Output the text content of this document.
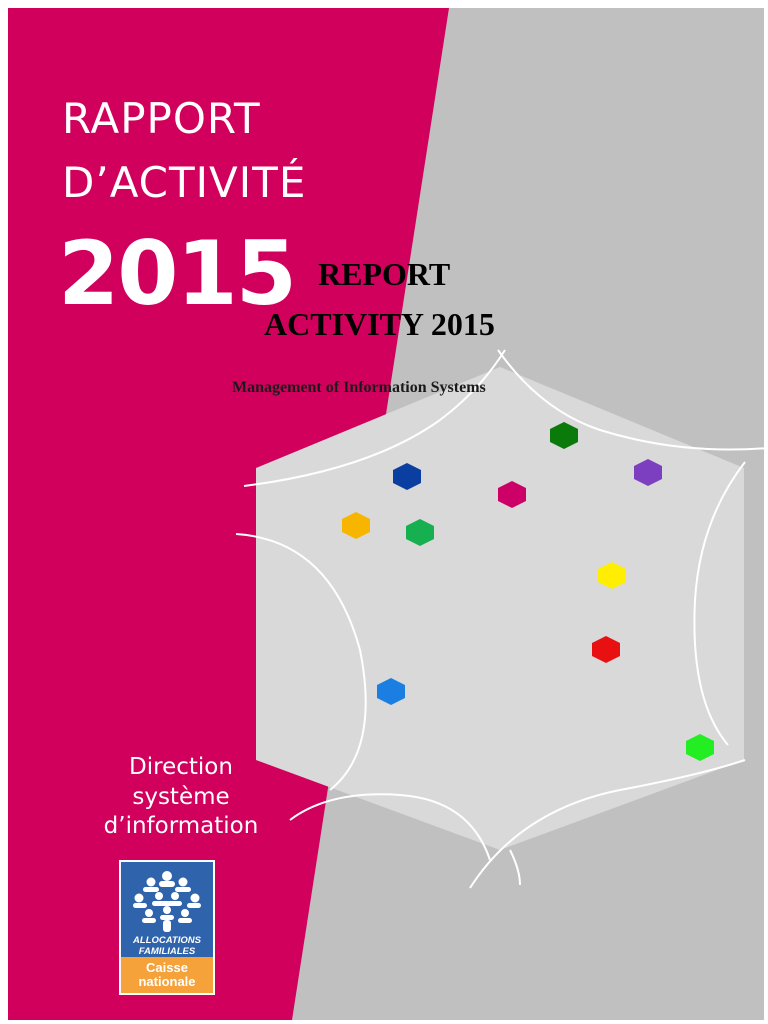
RAPPORT
D’ACTIVITÉ
2015 REPORT
ACTIVITY 2015
Management of Information Systems
Direction
système
d’information
ALLOCATIONS
FAMILIALES
Caisse
nationale
